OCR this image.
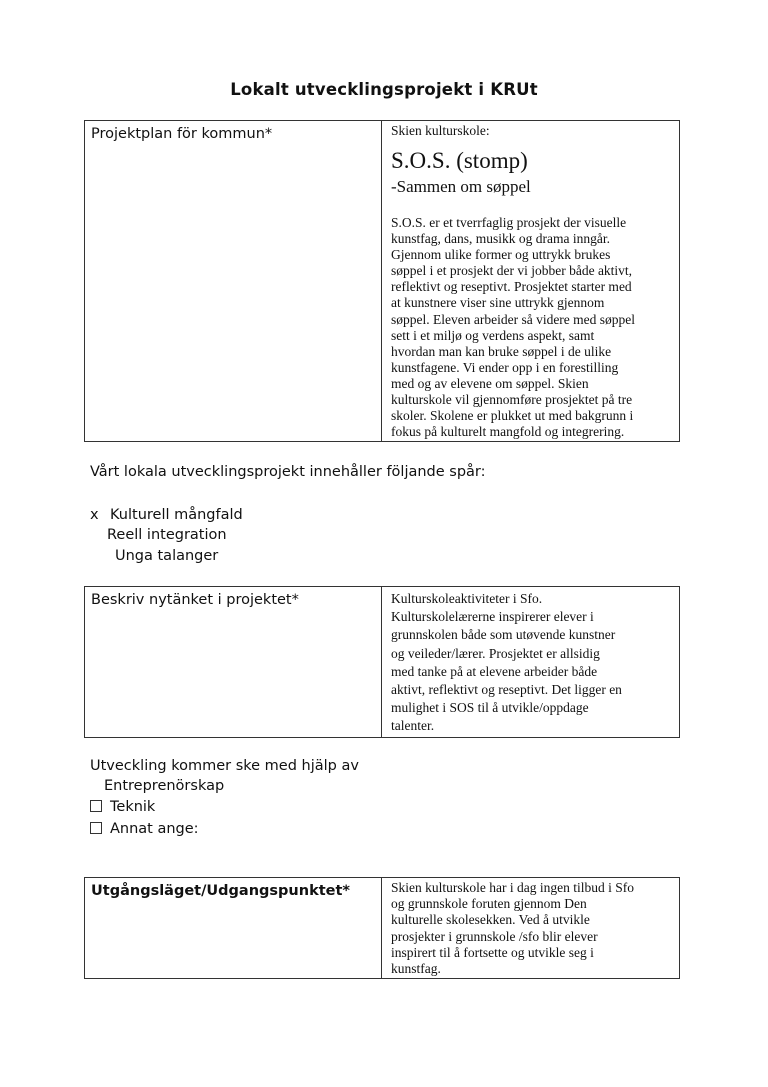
Lokalt utvecklingsprojekt i KRUt
Projektplan för kommun*	Skien kulturskole:
S.O.S. (stomp)
-Sammen om søppel
S.O.S. er et tverrfaglig prosjekt der visuelle
kunstfag, dans, musikk og drama inngår.
Gjennom ulike former og uttrykk brukes
søppel i et prosjekt der vi jobber både aktivt,
reflektivt og reseptivt. Prosjektet starter med
at kunstnere viser sine uttrykk gjennom
søppel. Eleven arbeider så videre med søppel
sett i et miljø og verdens aspekt, samt
hvordan man kan bruke søppel i de ulike
kunstfagene. Vi ender opp i en forestilling
med og av elevene om søppel. Skien
kulturskole vil gjennomføre prosjektet på tre
skoler. Skolene er plukket ut med bakgrunn i
fokus på kulturelt mangfold og integrering.
Vårt lokala utvecklingsprojekt innehåller följande spår:
x Kulturell mångfald
Reell integration
Unga talanger
Beskriv nytänket i projektet*	Kulturskoleaktiviteter i Sfo.
Kulturskolelærerne inspirerer elever i
grunnskolen både som utøvende kunstner
og veileder/lærer. Prosjektet er allsidig
med tanke på at elevene arbeider både
aktivt, reflektivt og reseptivt. Det ligger en
mulighet i SOS til å utvikle/oppdage
talenter.
Utveckling kommer ske med hjälp av
Entreprenörskap
Teknik
Annat ange:
Utgångsläget/Udgangspunktet*	Skien kulturskole har i dag ingen tilbud i Sfo
og grunnskole foruten gjennom Den
kulturelle skolesekken. Ved å utvikle
prosjekter i grunnskole /sfo blir elever
inspirert til å fortsette og utvikle seg i
kunstfag.
